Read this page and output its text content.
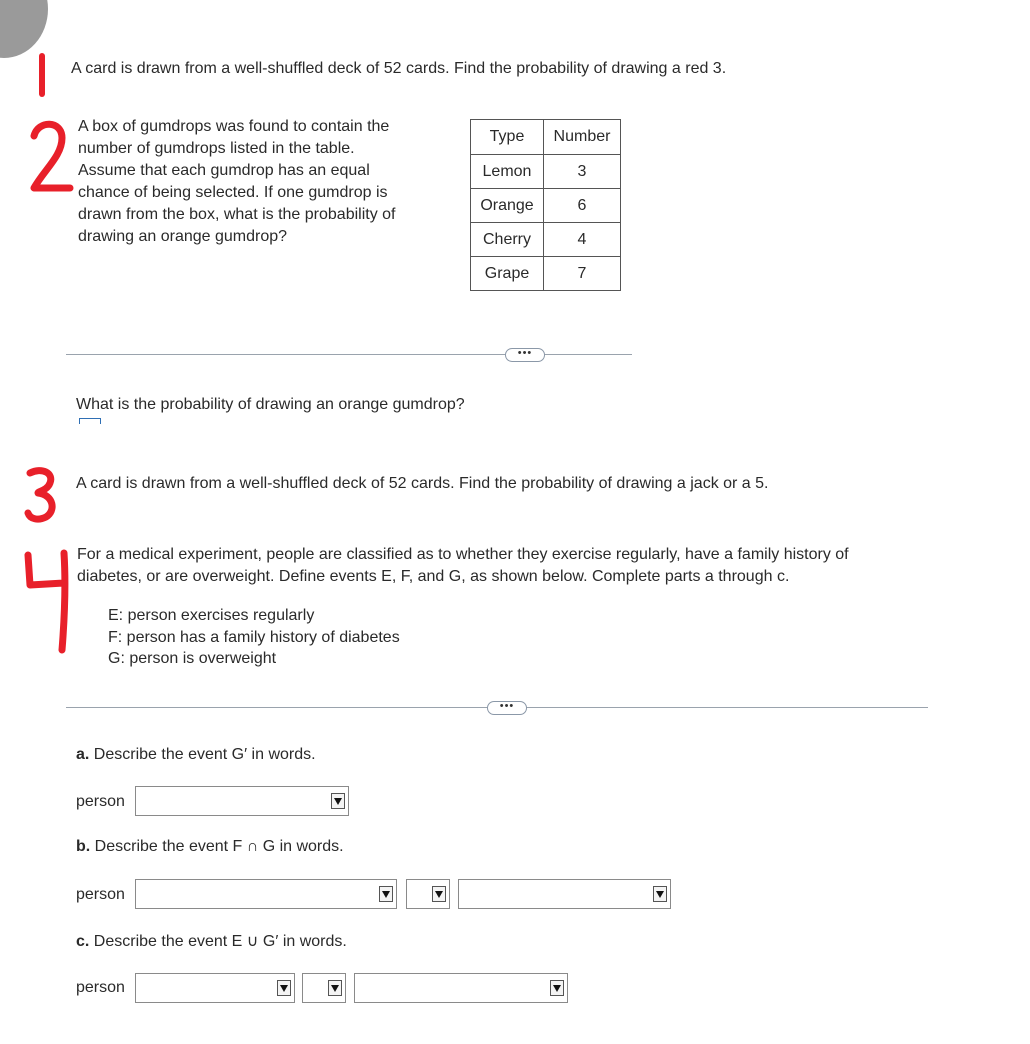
A card is drawn from a well-shuffled deck of 52 cards. Find the probability of drawing a red 3.
A box of gumdrops was found to contain the
number of gumdrops listed in the table.
Assume that each gumdrop has an equal
chance of being selected. If one gumdrop is
drawn from the box, what is the probability of
drawing an orange gumdrop?
Type	Number
Lemon	3
Orange	6
Cherry	4
Grape	7
•••
What is the probability of drawing an orange gumdrop?
A card is drawn from a well-shuffled deck of 52 cards. Find the probability of drawing a jack or a 5.
For a medical experiment, people are classified as to whether they exercise regularly, have a family history of
diabetes, or are overweight. Define events E, F, and G, as shown below. Complete parts a through c.
E: person exercises regularly
F: person has a family history of diabetes
G: person is overweight
•••
a. Describe the event G′ in words.
person
b. Describe the event F ∩ G in words.
person
c. Describe the event E ∪ G′ in words.
person
